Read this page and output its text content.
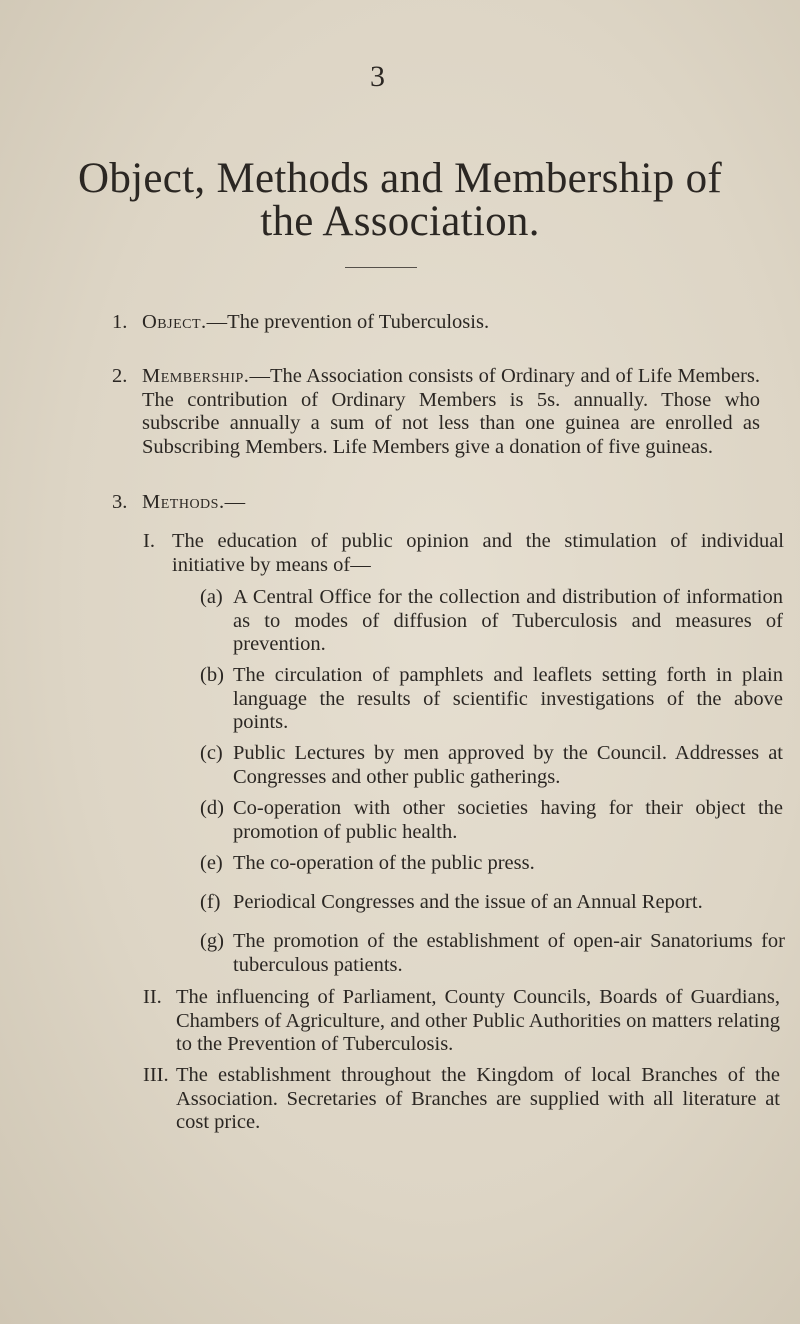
3
Object, Methods and Membership of
the Association.
1. Object.—The prevention of Tuberculosis.

2. Membership.—The Association consists of Ordinary and of Life Members. The contribution of Ordinary Members is 5s. annually. Those who subscribe annually a sum of not less than one guinea are enrolled as Subscribing Members. Life Members give a donation of five guineas.

3. Methods.—

I. The education of public opinion and the stimulation of individual initiative by means of—
(a) A Central Office for the collection and distribution of information as to modes of diffusion of Tuberculosis and measures of prevention.
(b) The circulation of pamphlets and leaflets setting forth in plain language the results of scientific investigations of the above points.
(c) Public Lectures by men approved by the Council. Addresses at Congresses and other public gatherings.
(d) Co-operation with other societies having for their object the promotion of public health.
(e) The co-operation of the public press.
(f) Periodical Congresses and the issue of an Annual Report.
(g) The promotion of the establishment of open-air Sanatoriums for tuberculous patients.
II. The influencing of Parliament, County Councils, Boards of Guardians, Chambers of Agriculture, and other Public Authorities on matters relating to the Prevention of Tuberculosis.
III. The establishment throughout the Kingdom of local Branches of the Association. Secretaries of Branches are supplied with all literature at cost price.
